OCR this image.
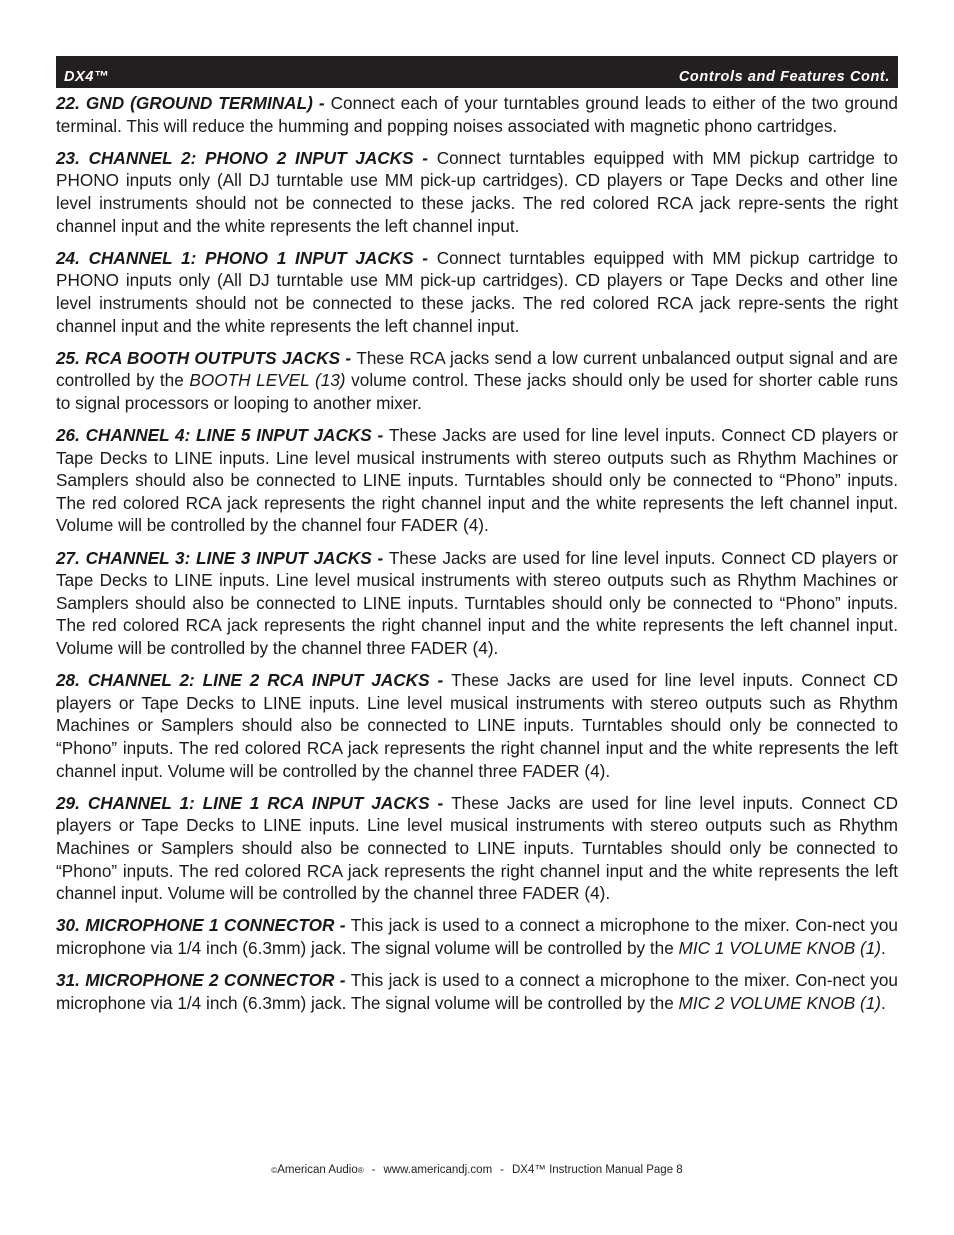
DX4™	Controls and Features Cont.

22. GND (GROUND TERMINAL) - Connect each of your turntables ground leads to either of the two ground terminal. This will reduce the humming and popping noises associated with magnetic phono cartridges.

23. CHANNEL 2: PHONO 2 INPUT JACKS - Connect turntables equipped with MM pickup cartridge to PHONO inputs only (All DJ turntable use MM pick-up cartridges). CD players or Tape Decks and other line level instruments should not be connected to these jacks. The red colored RCA jack repre-sents the right channel input and the white represents the left channel input.

24. CHANNEL 1: PHONO 1 INPUT JACKS - Connect turntables equipped with MM pickup cartridge to PHONO inputs only (All DJ turntable use MM pick-up cartridges). CD players or Tape Decks and other line level instruments should not be connected to these jacks. The red colored RCA jack repre-sents the right channel input and the white represents the left channel input.

25. RCA BOOTH OUTPUTS JACKS - These RCA jacks send a low current unbalanced output signal and are controlled by the BOOTH LEVEL (13) volume control. These jacks should only be used for shorter cable runs to signal processors or looping to another mixer.

26. CHANNEL 4: LINE 5 INPUT JACKS - These Jacks are used for line level inputs. Connect CD players or Tape Decks to LINE inputs. Line level musical instruments with stereo outputs such as Rhythm Machines or Samplers should also be connected to LINE inputs. Turntables should only be connected to “Phono” inputs. The red colored RCA jack represents the right channel input and the white represents the left channel input. Volume will be controlled by the channel four FADER (4).

27. CHANNEL 3: LINE 3 INPUT JACKS - These Jacks are used for line level inputs. Connect CD players or Tape Decks to LINE inputs. Line level musical instruments with stereo outputs such as Rhythm Machines or Samplers should also be connected to LINE inputs. Turntables should only be connected to “Phono” inputs. The red colored RCA jack represents the right channel input and the white represents the left channel input. Volume will be controlled by the channel three FADER (4).

28. CHANNEL 2: LINE 2 RCA INPUT JACKS - These Jacks are used for line level inputs. Connect CD players or Tape Decks to LINE inputs. Line level musical instruments with stereo outputs such as Rhythm Machines or Samplers should also be connected to LINE inputs. Turntables should only be connected to “Phono” inputs. The red colored RCA jack represents the right channel input and the white represents the left channel input. Volume will be controlled by the channel three FADER (4).

29. CHANNEL 1: LINE 1 RCA INPUT JACKS - These Jacks are used for line level inputs. Connect CD players or Tape Decks to LINE inputs. Line level musical instruments with stereo outputs such as Rhythm Machines or Samplers should also be connected to LINE inputs. Turntables should only be connected to “Phono” inputs. The red colored RCA jack represents the right channel input and the white represents the left channel input. Volume will be controlled by the channel three FADER (4).

30. MICROPHONE 1 CONNECTOR - This jack is used to a connect a microphone to the mixer. Con-nect you microphone via 1/4 inch (6.3mm) jack. The signal volume will be controlled by the MIC 1 VOLUME KNOB (1).

31. MICROPHONE 2 CONNECTOR - This jack is used to a connect a microphone to the mixer. Con-nect you microphone via 1/4 inch (6.3mm) jack. The signal volume will be controlled by the MIC 2 VOLUME KNOB (1).

©American Audio® - www.americandj.com - DX4™ Instruction Manual Page 8
